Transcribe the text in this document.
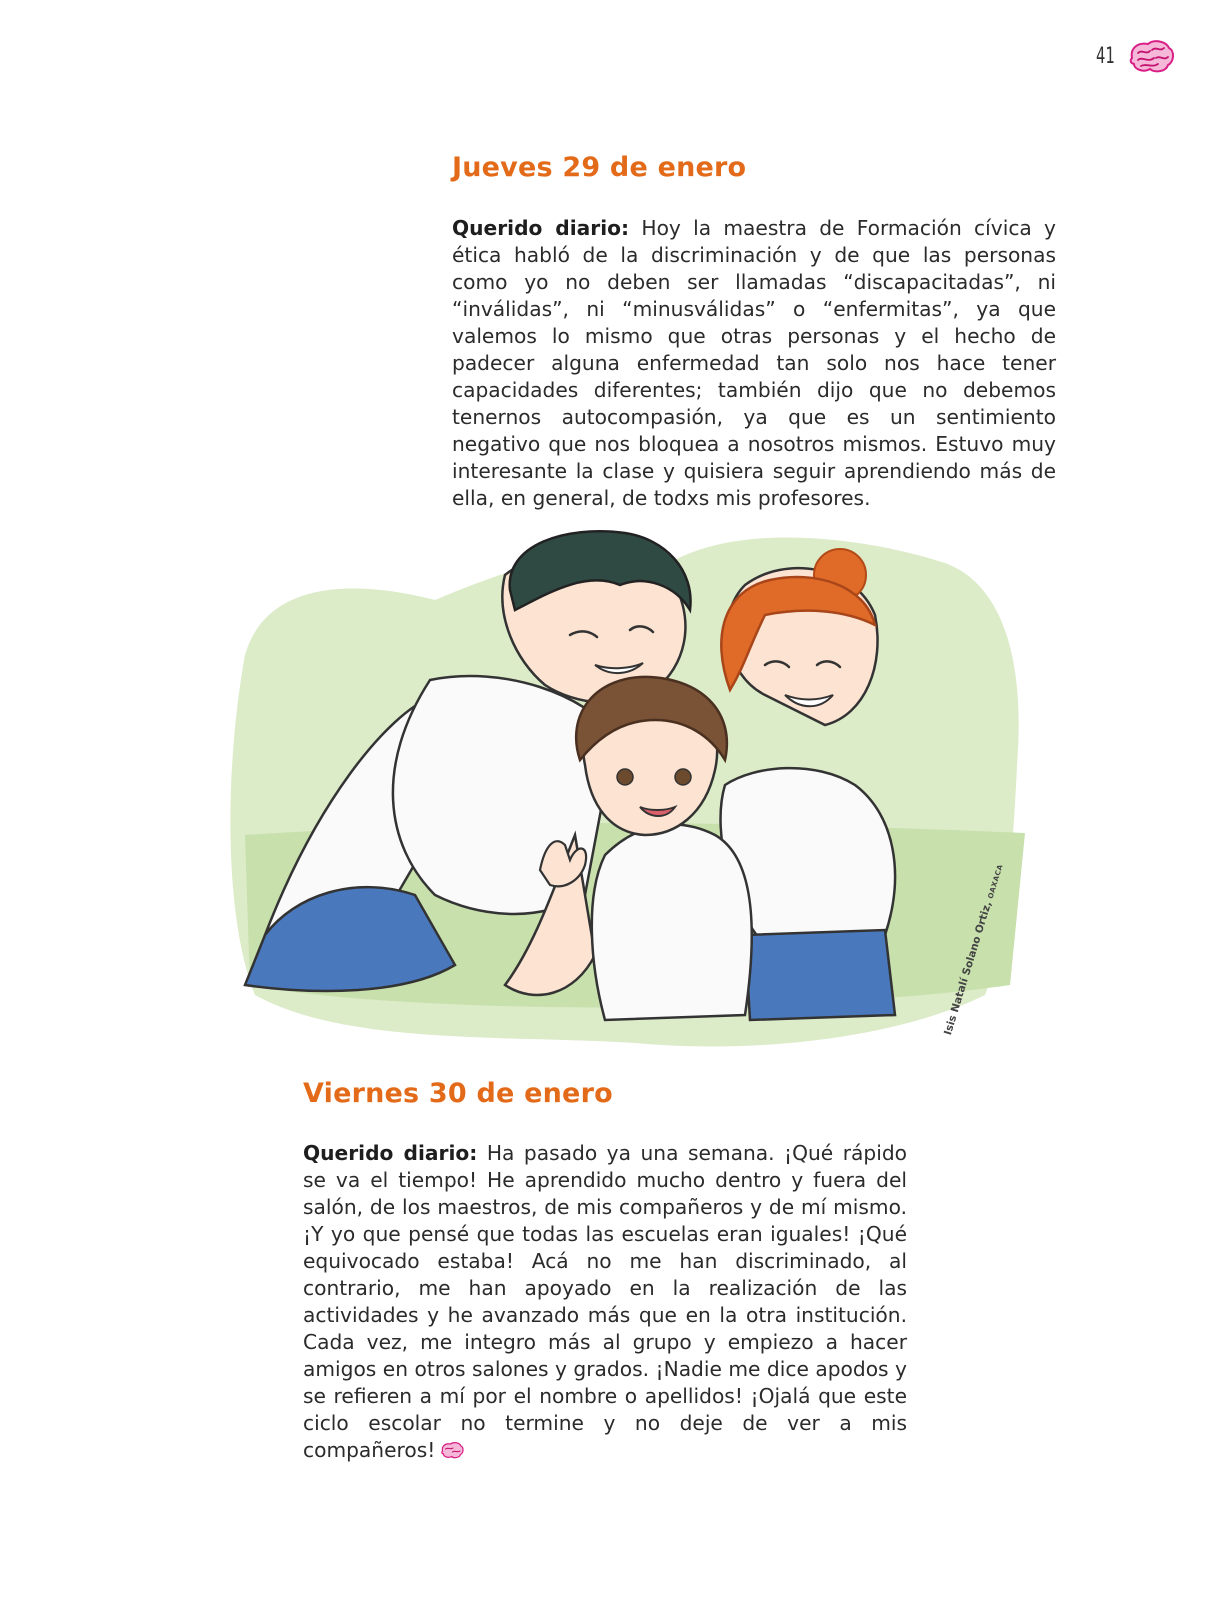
41
Jueves 29 de enero

Querido diario: Hoy la maestra de Formación cívica y ética habló de la discriminación y de que las personas como yo no deben ser llamadas “discapacitadas”, ni “inválidas”, ni “minusválidas” o “enfermitas”, ya que valemos lo mismo que otras personas y el hecho de padecer alguna enfermedad tan solo nos hace tener capacidades diferentes; también dijo que no debemos tenernos autocompasión, ya que es un sentimiento negativo que nos bloquea a nosotros mismos. Estuvo muy interesante la clase y quisiera seguir aprendiendo más de ella, en general, de todxs mis profesores.

Isis Natalí Solano Ortiz, OAXACA
Viernes 30 de enero

Querido diario: Ha pasado ya una semana. ¡Qué rápido se va el tiempo! He aprendido mucho dentro y fuera del salón, de los maestros, de mis compañeros y de mí mismo. ¡Y yo que pensé que todas las escuelas eran iguales! ¡Qué equivocado estaba! Acá no me han discriminado, al contrario, me han apoyado en la realización de las actividades y he avanzado más que en la otra institución. Cada vez, me integro más al grupo y empiezo a hacer amigos en otros salones y grados. ¡Nadie me dice apodos y se refieren a mí por el nombre o apellidos! ¡Ojalá que este ciclo escolar no termine y no deje de ver a mis compañeros!
